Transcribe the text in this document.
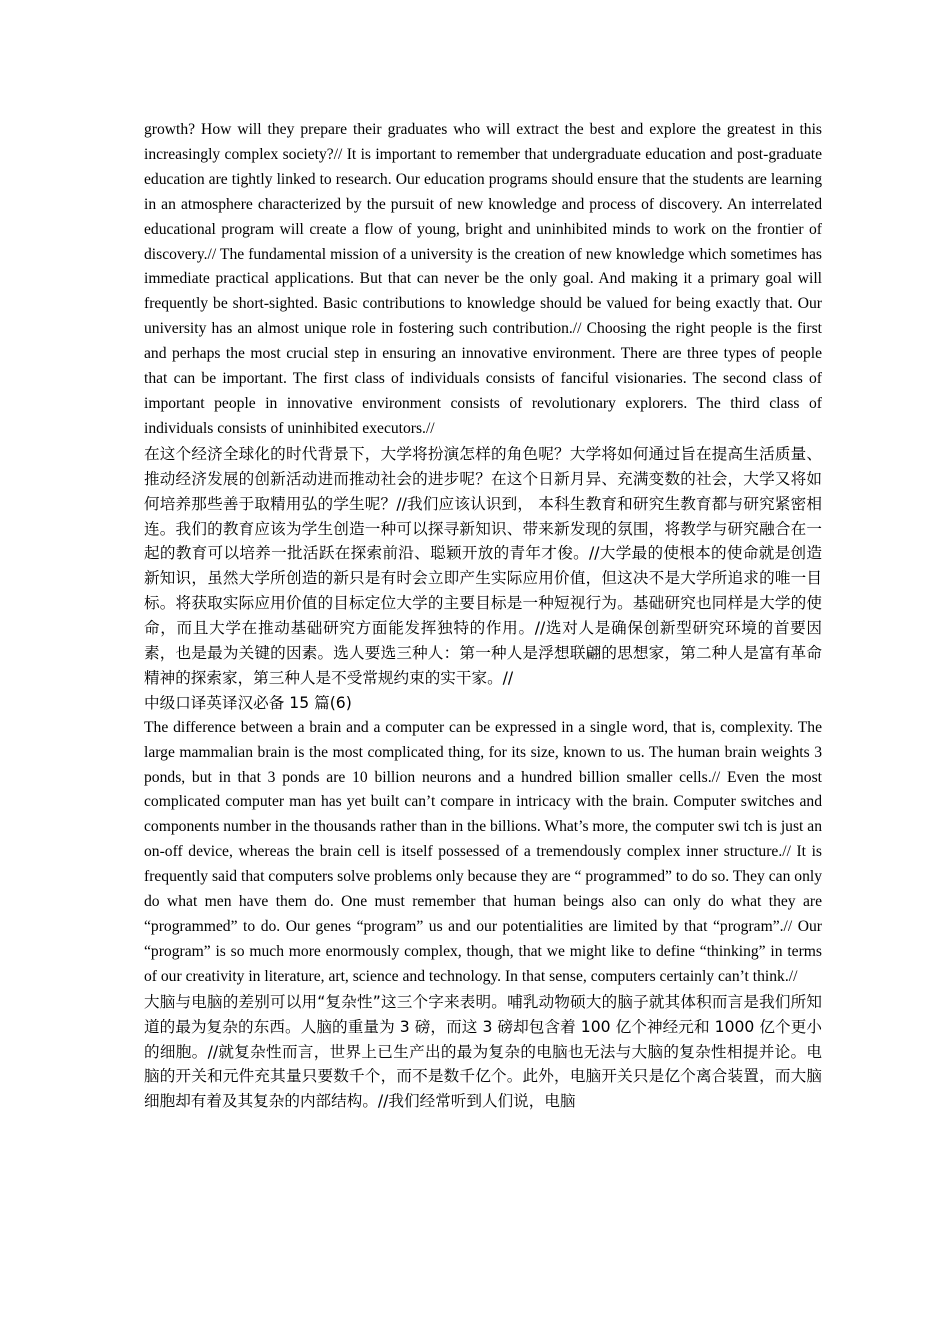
growth? How will they prepare their graduates who will extract the best and explore the greatest in this increasingly complex society?// It is important to remember that undergraduate education and post-graduate education are tightly linked to research. Our education programs should ensure that the students are learning in an atmosphere characterized by the pursuit of new knowledge and process of discovery. An interrelated educational program will create a flow of young, bright and uninhibited minds to work on the frontier of discovery.// The fundamental mission of a university is the creation of new knowledge which sometimes has immediate practical applications. But that can never be the only goal. And making it a primary goal will frequently be short-sighted. Basic contributions to knowledge should be valued for being exactly that. Our university has an almost unique role in fostering such contribution.// Choosing the right people is the first and perhaps the most crucial step in ensuring an innovative environment. There are three types of people that can be important. The first class of individuals consists of fanciful visionaries. The second class of important people in innovative environment consists of revolutionary explorers. The third class of individuals consists of uninhibited executors.//

在这个经济全球化的时代背景下，大学将扮演怎样的角色呢？大学将如何通过旨在提高生活质量、推动经济发展的创新活动进而推动社会的进步呢？在这个日新月异、充满变数的社会，大学又将如何培养那些善于取精用弘的学生呢？//我们应该认识到， 本科生教育和研究生教育都与研究紧密相连。我们的教育应该为学生创造一种可以探寻新知识、带来新发现的氛围，将教学与研究融合在一起的教育可以培养一批活跃在探索前沿、聪颖开放的青年才俊。//大学最的使根本的使命就是创造新知识，虽然大学所创造的新只是有时会立即产生实际应用价值，但这决不是大学所追求的唯一目标。将获取实际应用价值的目标定位大学的主要目标是一种短视行为。基础研究也同样是大学的使命，而且大学在推动基础研究方面能发挥独特的作用。//选对人是确保创新型研究环境的首要因素，也是最为关键的因素。选人要选三种人：第一种人是浮想联翩的思想家，第二种人是富有革命精神的探索家，第三种人是不受常规约束的实干家。//

中级口译英译汉必备 15 篇(6)

The difference between a brain and a computer can be expressed in a single word, that is, complexity. The large mammalian brain is the most complicated thing, for its size, known to us. The human brain weights 3 ponds, but in that 3 ponds are 10 billion neurons and a hundred billion smaller cells.// Even the most complicated computer man has yet built can’t compare in intricacy with the brain. Computer switches and components number in the thousands rather than in the billions. What’s more, the computer swi tch is just an on-off device, whereas the brain cell is itself possessed of a tremendously complex inner structure.// It is frequently said that computers solve problems only because they are “ programmed” to do so. They can only do what men have them do. One must remember that human beings also can only do what they are “programmed” to do. Our genes “program” us and our potentialities are limited by that “program”.// Our “program” is so much more enormously complex, though, that we might like to define “thinking” in terms of our creativity in literature, art, science and technology. In that sense, computers certainly can’t think.//

大脑与电脑的差别可以用“复杂性”这三个字来表明。哺乳动物硕大的脑子就其体积而言是我们所知道的最为复杂的东西。人脑的重量为 3 磅，而这 3 磅却包含着 100 亿个神经元和 1000 亿个更小的细胞。//就复杂性而言，世界上已生产出的最为复杂的电脑也无法与大脑的复杂性相提并论。电脑的开关和元件充其量只要数千个，而不是数千亿个。此外，电脑开关只是亿个离合装置，而大脑细胞却有着及其复杂的内部结构。//我们经常听到人们说，电脑
